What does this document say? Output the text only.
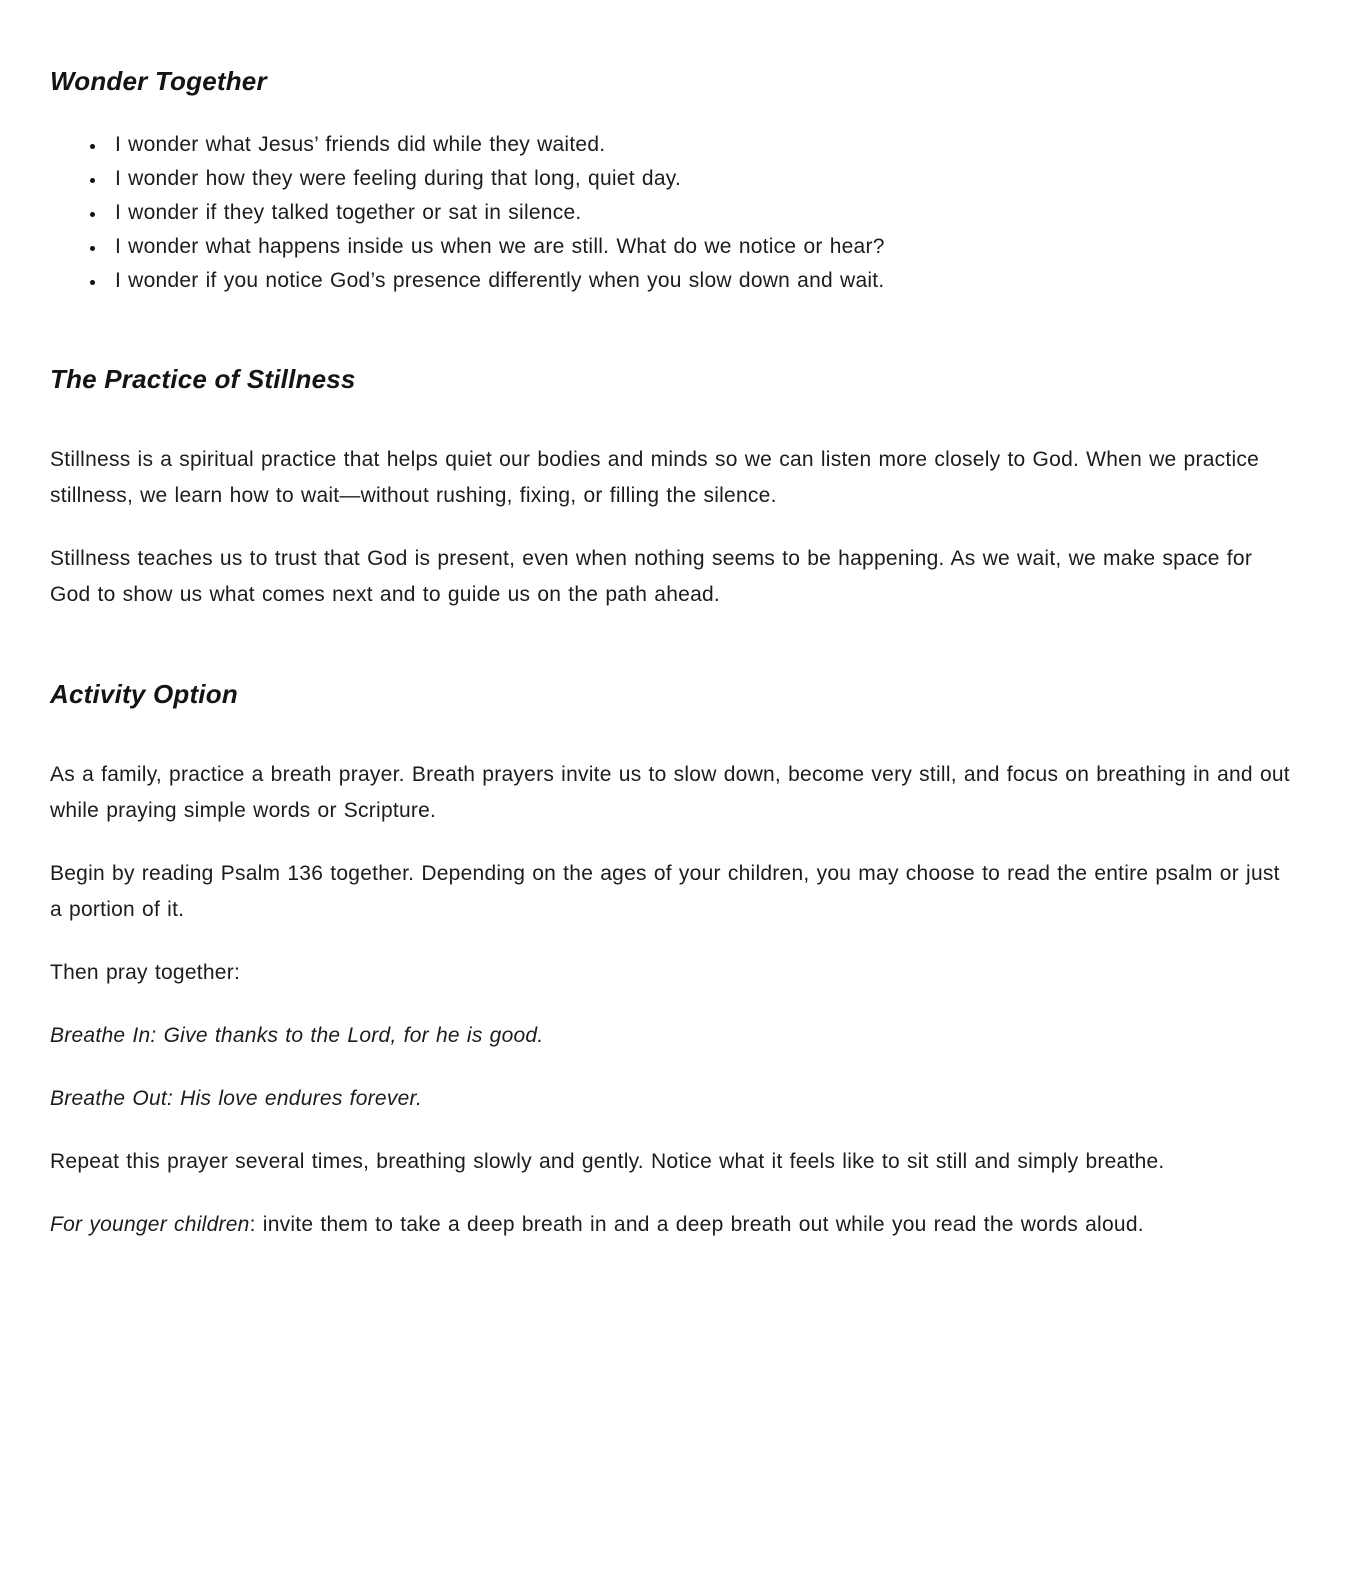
Wonder Together
• I wonder what Jesus’ friends did while they waited.
• I wonder how they were feeling during that long, quiet day.
• I wonder if they talked together or sat in silence.
• I wonder what happens inside us when we are still. What do we notice or hear?
• I wonder if you notice God’s presence differently when you slow down and wait.
The Practice of Stillness

Stillness is a spiritual practice that helps quiet our bodies and minds so we can listen more closely to God. When we practice stillness, we learn how to wait—without rushing, fixing, or filling the silence.

Stillness teaches us to trust that God is present, even when nothing seems to be happening. As we wait, we make space for God to show us what comes next and to guide us on the path ahead.

Activity Option

As a family, practice a breath prayer. Breath prayers invite us to slow down, become very still, and focus on breathing in and out while praying simple words or Scripture.

Begin by reading Psalm 136 together. Depending on the ages of your children, you may choose to read the entire psalm or just a portion of it.

Then pray together:

Breathe In: Give thanks to the Lord, for he is good.

Breathe Out: His love endures forever.

Repeat this prayer several times, breathing slowly and gently. Notice what it feels like to sit still and simply breathe.

For younger children: invite them to take a deep breath in and a deep breath out while you read the words aloud.
